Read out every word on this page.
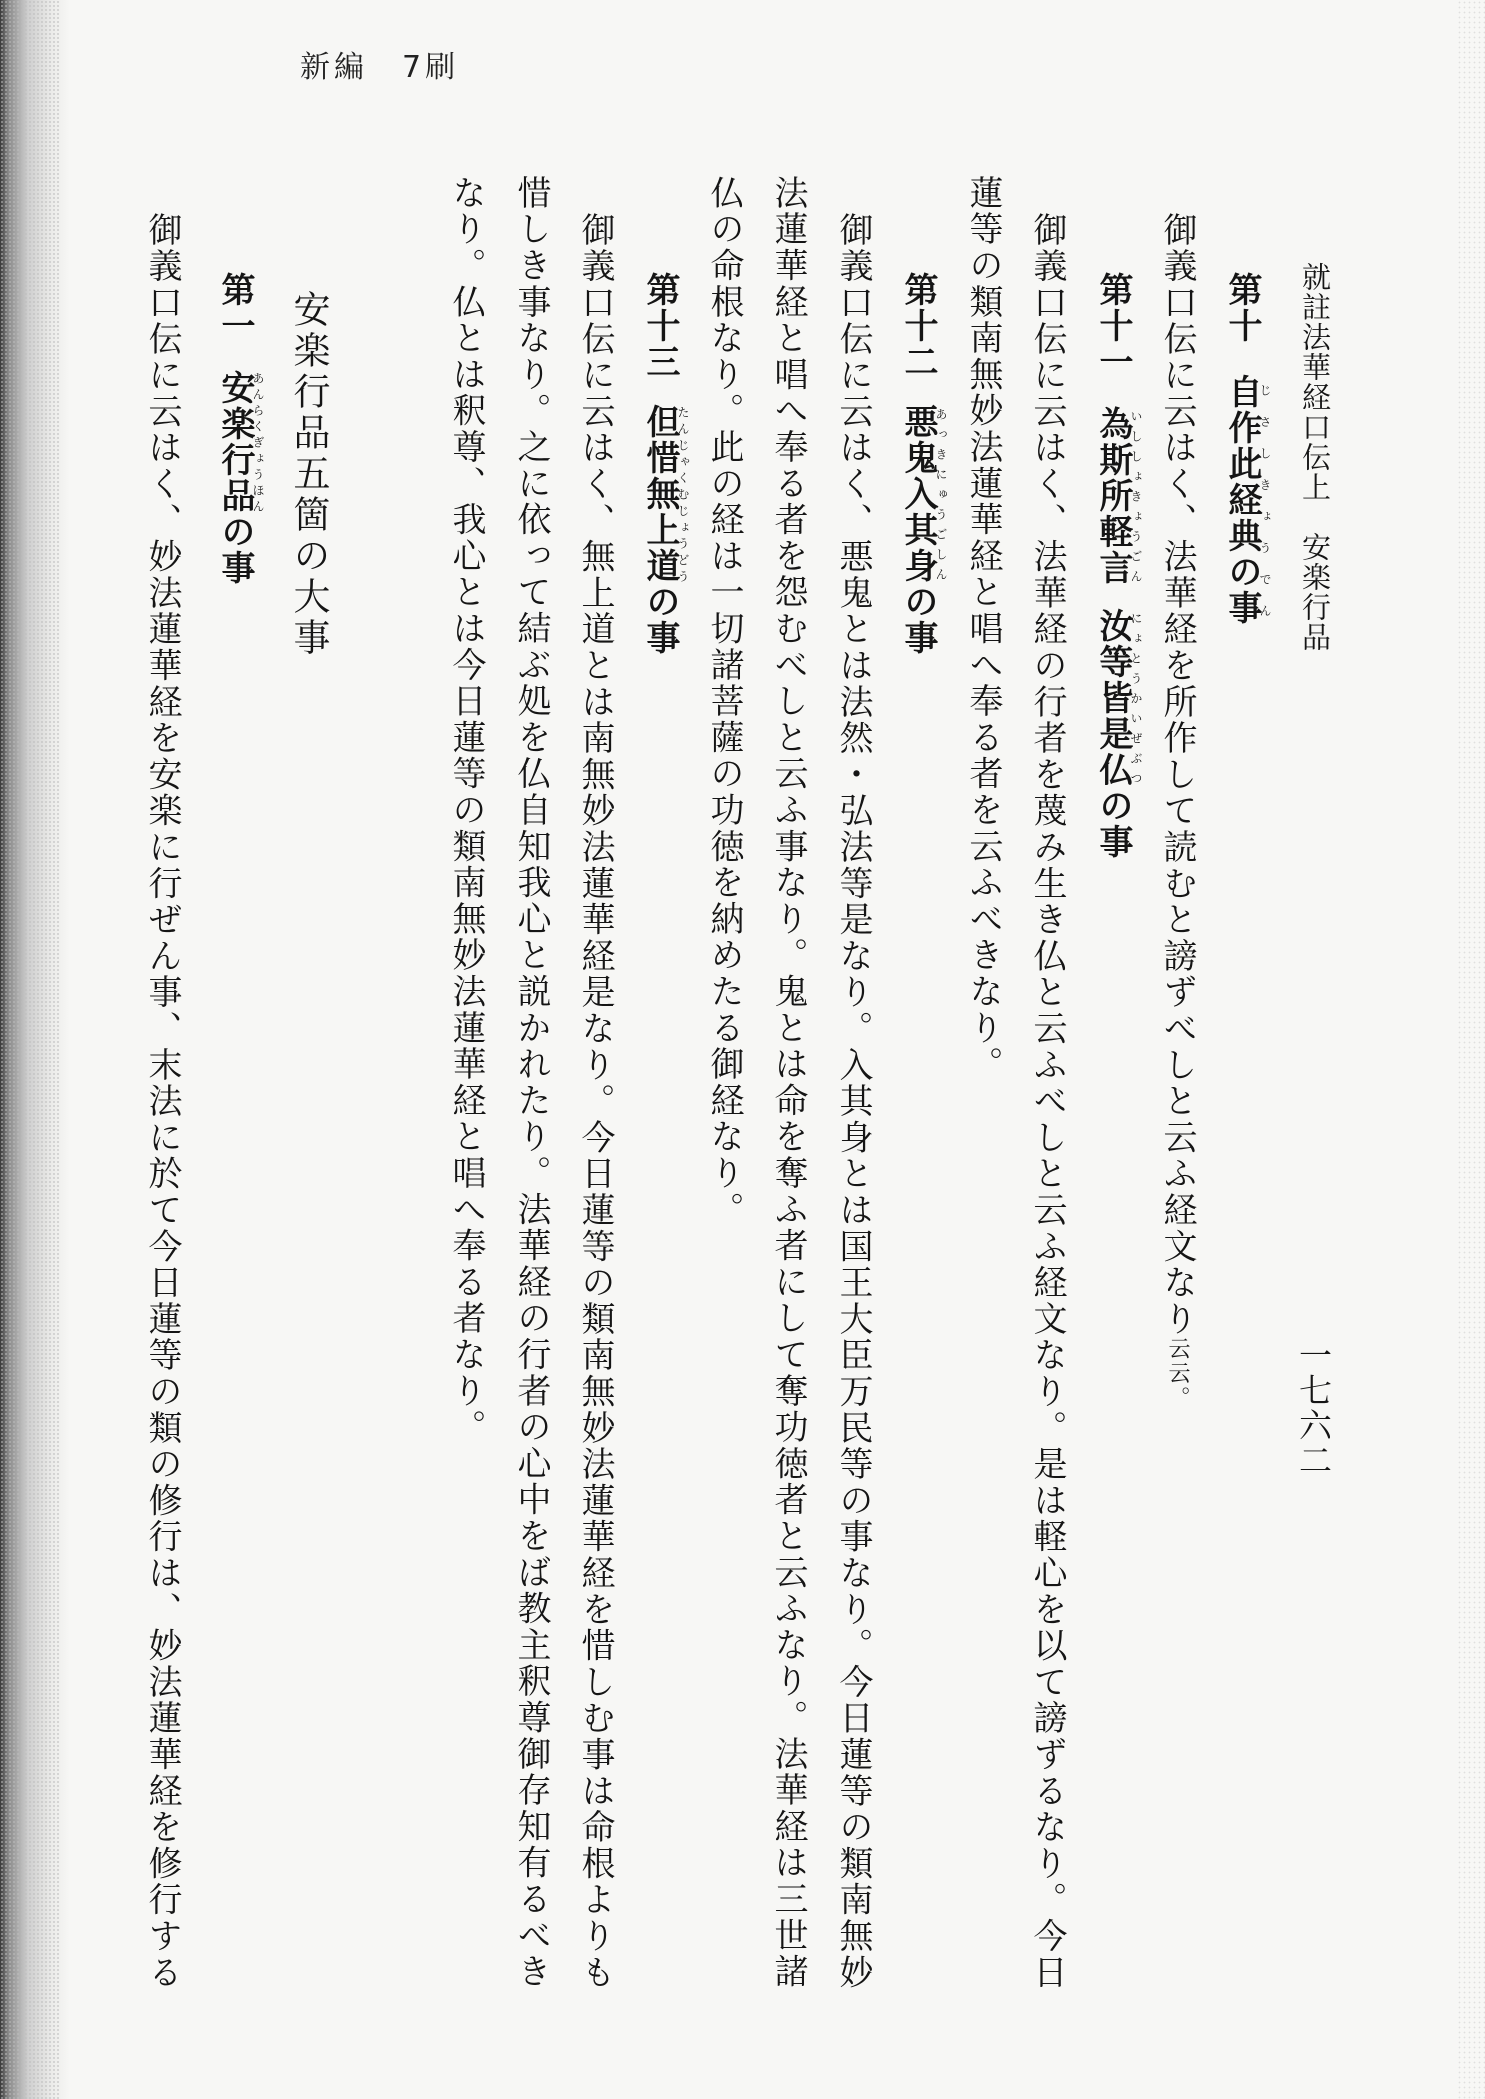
新編　7刷
就註法華経口伝上　安楽行品
一七六二
第十自作此経典の事じさしきょうでん
御義口伝に云はく、法華経を所作して読むと謗ずべしと云ふ経文なり云云。
第十一為斯所軽言いししょきょうごん汝等皆是仏にょとうかいぜぶつの事
御義口伝に云はく、法華経の行者を蔑み生き仏と云ふべしと云ふ経文なり。是は軽心を以て謗ずるなり。今日
蓮等の類南無妙法蓮華経と唱へ奉る者を云ふべきなり。
第十二悪鬼入其身あっきにゅうごしんの事
御義口伝に云はく、悪鬼とは法然・弘法等是なり。入其身とは国王大臣万民等の事なり。今日蓮等の類南無妙
法蓮華経と唱へ奉る者を怨むべしと云ふ事なり。鬼とは命を奪ふ者にして奪功徳者と云ふなり。法華経は三世諸
仏の命根なり。此の経は一切諸菩薩の功徳を納めたる御経なり。
第十三但惜無上道たんじゃくむじょうどうの事
御義口伝に云はく、無上道とは南無妙法蓮華経是なり。今日蓮等の類南無妙法蓮華経を惜しむ事は命根よりも
惜しき事なり。之に依って結ぶ処を仏自知我心と説かれたり。法華経の行者の心中をば教主釈尊御存知有るべき
なり。仏とは釈尊、我心とは今日蓮等の類南無妙法蓮華経と唱へ奉る者なり。
安楽行品五箇の大事
第一安楽行品あんらくぎょうほんの事
御義口伝に云はく、妙法蓮華経を安楽に行ぜん事、末法に於て今日蓮等の類の修行は、妙法蓮華経を修行する
